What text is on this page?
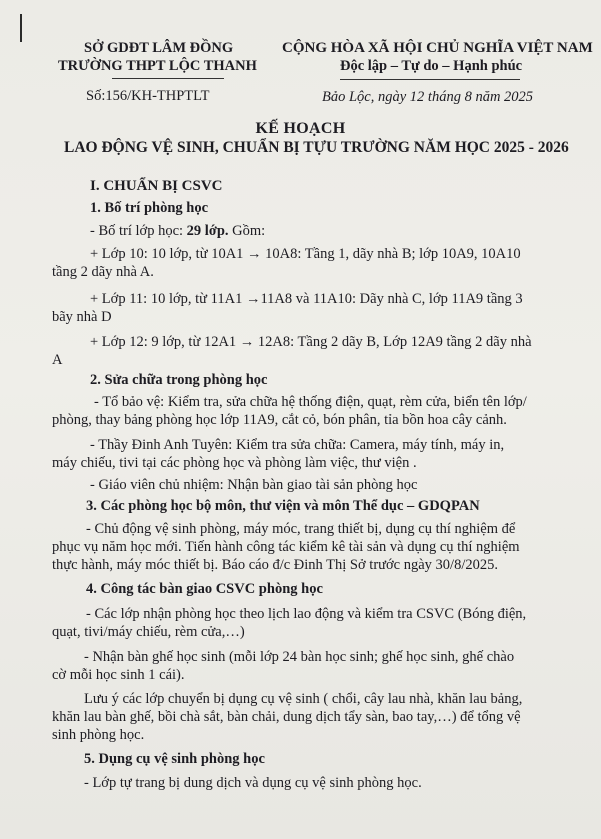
SỞ GDĐT LÂM ĐỒNG
TRƯỜNG THPT LỘC THANH
CỘNG HÒA XÃ HỘI CHỦ NGHĨA VIỆT NAM
Độc lập – Tự do – Hạnh phúc
Số:156/KH-THPTLT	Bảo Lộc, ngày 12 tháng 8 năm 2025
KẾ HOẠCH
LAO ĐỘNG VỆ SINH, CHUẨN BỊ TỰU TRƯỜNG NĂM HỌC 2025 - 2026
I. CHUẨN BỊ CSVC
1. Bố trí phòng học
- Bố trí lớp học: 29 lớp. Gồm:
+ Lớp 10: 10 lớp, từ 10A1 → 10A8: Tầng 1, dãy nhà B; lớp 10A9, 10A10
tầng 2 dãy nhà A.
+ Lớp 11: 10 lớp, từ 11A1 →11A8 và 11A10: Dãy nhà C, lớp 11A9 tầng 3
bãy nhà D
+ Lớp 12: 9 lớp, từ 12A1 → 12A8: Tầng 2 dãy B, Lớp 12A9 tầng 2 dãy nhà
A
2. Sửa chữa trong phòng học
- Tổ bảo vệ: Kiểm tra, sửa chữa hệ thống điện, quạt, rèm cửa, biển tên lớp/
phòng, thay bảng phòng học lớp 11A9, cắt cỏ, bón phân, tỉa bồn hoa cây cảnh.
- Thầy Đinh Anh Tuyên: Kiểm tra sửa chữa: Camera, máy tính, máy in,
máy chiếu, tivi tại các phòng học và phòng làm việc, thư viện .
- Giáo viên chủ nhiệm: Nhận bàn giao tài sản phòng học
3. Các phòng học bộ môn, thư viện và môn Thể dục – GDQPAN
- Chủ động vệ sinh phòng, máy móc, trang thiết bị, dụng cụ thí nghiệm để
phục vụ năm học mới. Tiến hành công tác kiểm kê tài sản và dụng cụ thí nghiệm
thực hành, máy móc thiết bị. Báo cáo đ/c Đinh Thị Sở trước ngày 30/8/2025.
4. Công tác bàn giao CSVC phòng học
- Các lớp nhận phòng học theo lịch lao động và kiểm tra CSVC (Bóng điện,
quạt, tivi/máy chiếu, rèm cửa,…)
- Nhận bàn ghế học sinh (mỗi lớp 24 bàn học sinh; ghế học sinh, ghế chào
cờ mỗi học sinh 1 cái).
Lưu ý các lớp chuyển bị dụng cụ vệ sinh ( chổi, cây lau nhà, khăn lau bảng,
khăn lau bàn ghế, bồi chà sắt, bàn chải, dung dịch tẩy sàn, bao tay,…) để tổng vệ
sinh phòng học.
5. Dụng cụ vệ sinh phòng học
- Lớp tự trang bị dung dịch và dụng cụ vệ sinh phòng học.
